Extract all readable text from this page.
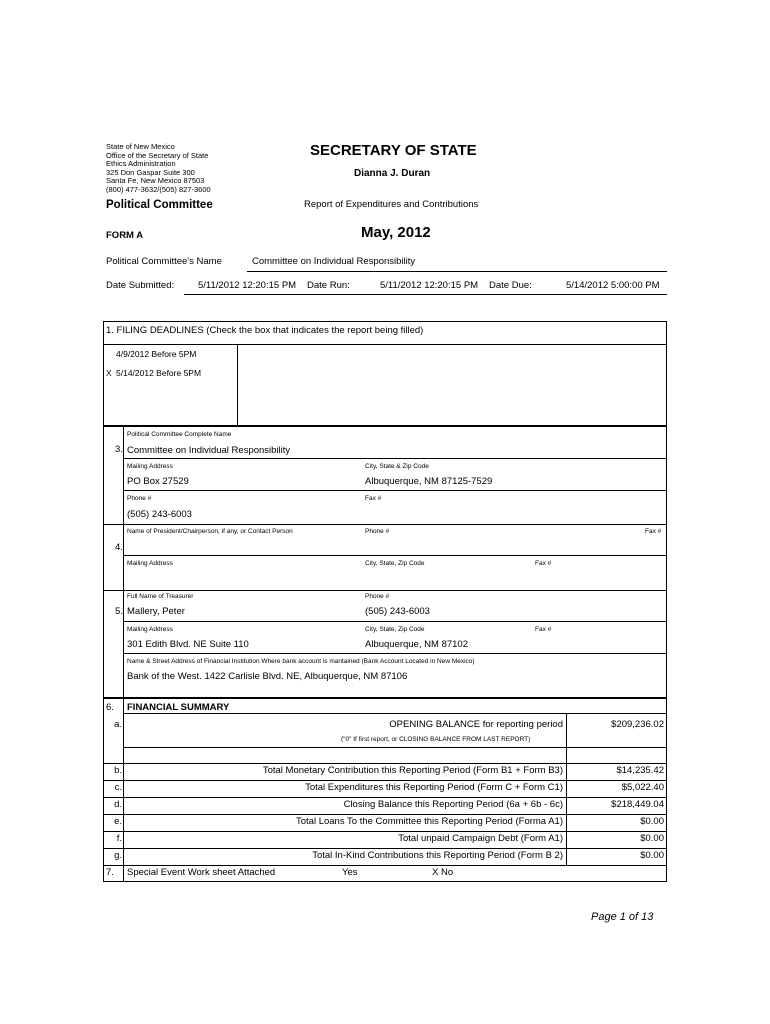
State of New Mexico
Office of the Secretary of State
Ethics Administration
325 Don Gaspar Suite 300
Santa Fe, New Mexico 87503
(800) 477-3632/(505) 827-3600
SECRETARY OF STATE
Dianna J. Duran
Political Committee	Report of Expenditures and Contributions
FORM A	May, 2012
Political Committee's Name	Committee on Individual Responsibility
Date Submitted:	5/11/2012 12:20:15 PM Date Run:	5/11/2012 12:20:15 PM Date Due:	5/14/2012 5:00:00 PM
1. FILING DEADLINES (Check the box that indicates the report being filled)
4/9/2012 Before 5PM
X 5/14/2012 Before 5PM
Political Committee Complete Name
3. Committee on Individual Responsibility
Mailing Address	City, State & Zip Code
PO Box 27529	Albuquerque, NM 87125-7529
Phone #	Fax #
(505) 243-6003
Name of President/Chairperson, if any, or Contact Person	Phone #	Fax #
4.
Mailing Address	City, State, Zip Code	Fax #
Full Name of Treasurer	Phone #
5. Mallery, Peter	(505) 243-6003
Mailing Address	City, State, Zip Code	Fax #
301 Edith Blvd. NE Suite 110	Albuquerque, NM 87102
Name & Street Address of Financial Institution Where bank account is mantained (Bank Account Located in New Mexico)
Bank of the West. 1422 Carlisle Blvd. NE, Albuquerque, NM 87106
6. FINANCIAL SUMMARY
a.	OPENING BALANCE for reporting period	$209,236.02
("0" If first report, or CLOSING BALANCE FROM LAST REPORT)
b.	Total Monetary Contribution this Reporting Period (Form B1 + Form B3)	$14,235.42
c.	Total Expenditures this Reporting Period (Form C + Form C1)	$5,022.40
d.	Closing Balance this Reporting Period (6a + 6b - 6c)	$218,449.04
e.	Total Loans To the Committee this Reporting Period (Forma A1)	$0.00
f.	Total unpaid Campaign Debt (Form A1)	$0.00
g.	Total In-Kind Contributions this Reporting Period (Form B 2)	$0.00
7. Special Event Work sheet Attached	Yes	X No
Page 1 of 13
